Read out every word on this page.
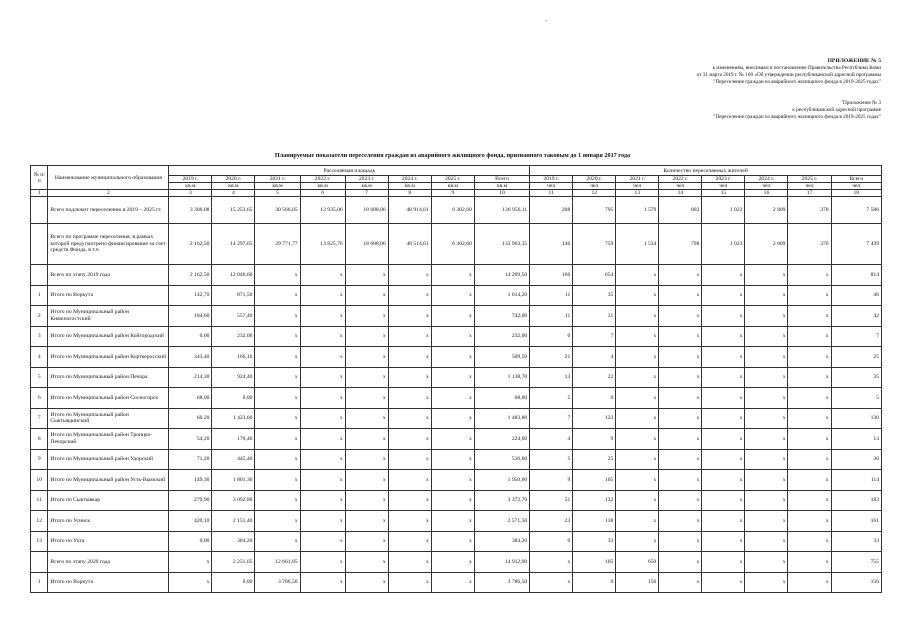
-
ПРИЛОЖЕНИЕ № 5
к изменениям, вносимым в постановление Правительства Республики Коми
от 31 марта 2019 г. № 160 «Об утверждении республиканской адресной программы
"Переселение граждан из аварийного жилищного фонда в 2019-2025 годах"
"Приложение № 3
к республиканской адресной программе
"Переселение граждан из аварийного жилищного фонда в 2019-2025 годах"
Планируемые показатели переселения граждан из аварийного жилищного фонда, признанного таковым до 1 января 2017 года
№ п/п	Наименование муниципального образования	Расселяемая площадь								Количество переселяемых жителей							
		2019 г.	2020 г.	2021 г.	2022 г.	2023 г.	2024 г.	2025 г.	Всего	2019 г.	2020 г.	2021 г.	2022 г.	2023 г.	2024 г.	2025 г.	Всего
		кв.м	кв.м	кв.м	кв.м	кв.м	кв.м	кв.м	кв.м	чел	чел	чел	чел	чел	чел	чел	чел
1	2	3	4	5	6	7	8	9	10	11	12	13	14	15	16	17	18
	Всего подлежит переселению в 2019 – 2025 гг.	3 306,08	15 253,65	30 566,05	12 935,06	18 688,06	48 914,61	6 302,60	136 956,11	208	795	1 579	802	1 023	2 809	370	7 586
	Всего по программе переселения, в рамках которой предусмотрено финансирование за счет средств Фонда, в т.ч.	2 162,50	14 297,65	29 771,77	13 825,76	18 688,06	48 514,61	6 302,60	133 963,35	146	759	1 534	798	1 023	2 809	370	7 439
	Всего по этапу 2019 года	2 162,50	12 046,60	x	x	x	x	x	14 209,50	160	654	x	x	x	x	x	814
1	Итого по Воркута	142,70	871,50	x	x	x	x	x	1 014,20	11	35	x	x	x	x	x	46
2	Итого по Муниципальный район Княжпогостский	184,60	557,40	x	x	x	x	x	742,00	11	31	x	x	x	x	x	42
3	Итого по Муниципальный район Койгородский	0,00	232,00	x	x	x	x	x	232,00	0	7	x	x	x	x	x	7
4	Итого по Муниципальный район Корткеросский	343,40	166,10	x	x	x	x	x	509,50	21	4	x	x	x	x	x	25
5	Итого по Муниципальный район Печора	214,30	924,40	x	x	x	x	x	1 138,70	13	22	x	x	x	x	x	35
6	Итого по Муниципальный район Сосногорск	68,00	0,00	x	x	x	x	x	68,00	5	0	x	x	x	x	x	5
7	Итого по Муниципальный район Сыктывдинский	60,20	1 423,60	x	x	x	x	x	1 483,80	7	123	x	x	x	x	x	130
8	Итого по Муниципальный район Троицко-Печорский	54,20	170,40	x	x	x	x	x	224,60	4	9	x	x	x	x	x	13
9	Итого по Муниципальный район Удорский	71,20	445,40	x	x	x	x	x	516,60	5	25	x	x	x	x	x	30
10	Итого по Муниципальный район Усть-Вымский	149,30	1 801,30	x	x	x	x	x	1 950,60	9	105	x	x	x	x	x	114
11	Итого по Сыктывкар	279,90	3 092,80	x	x	x	x	x	3 372,70	51	132	x	x	x	x	x	183
12	Итого по Усинск	420,10	2 151,40	x	x	x	x	x	2 571,50	23	138	x	x	x	x	x	161
13	Итого по Ухта	0,00	384,20	x	x	x	x	x	384,20	0	33	x	x	x	x	x	33
	Всего по этапу 2020 года	x	2 251,05	12 661,85	x	x	x	x	14 912,90	x	105	650	x	x	x	x	755
1	Итого по Воркута	x	0,00	3 786,50	x	x	x	x	3 786,50	x	0	156	x	x	x	x	156
